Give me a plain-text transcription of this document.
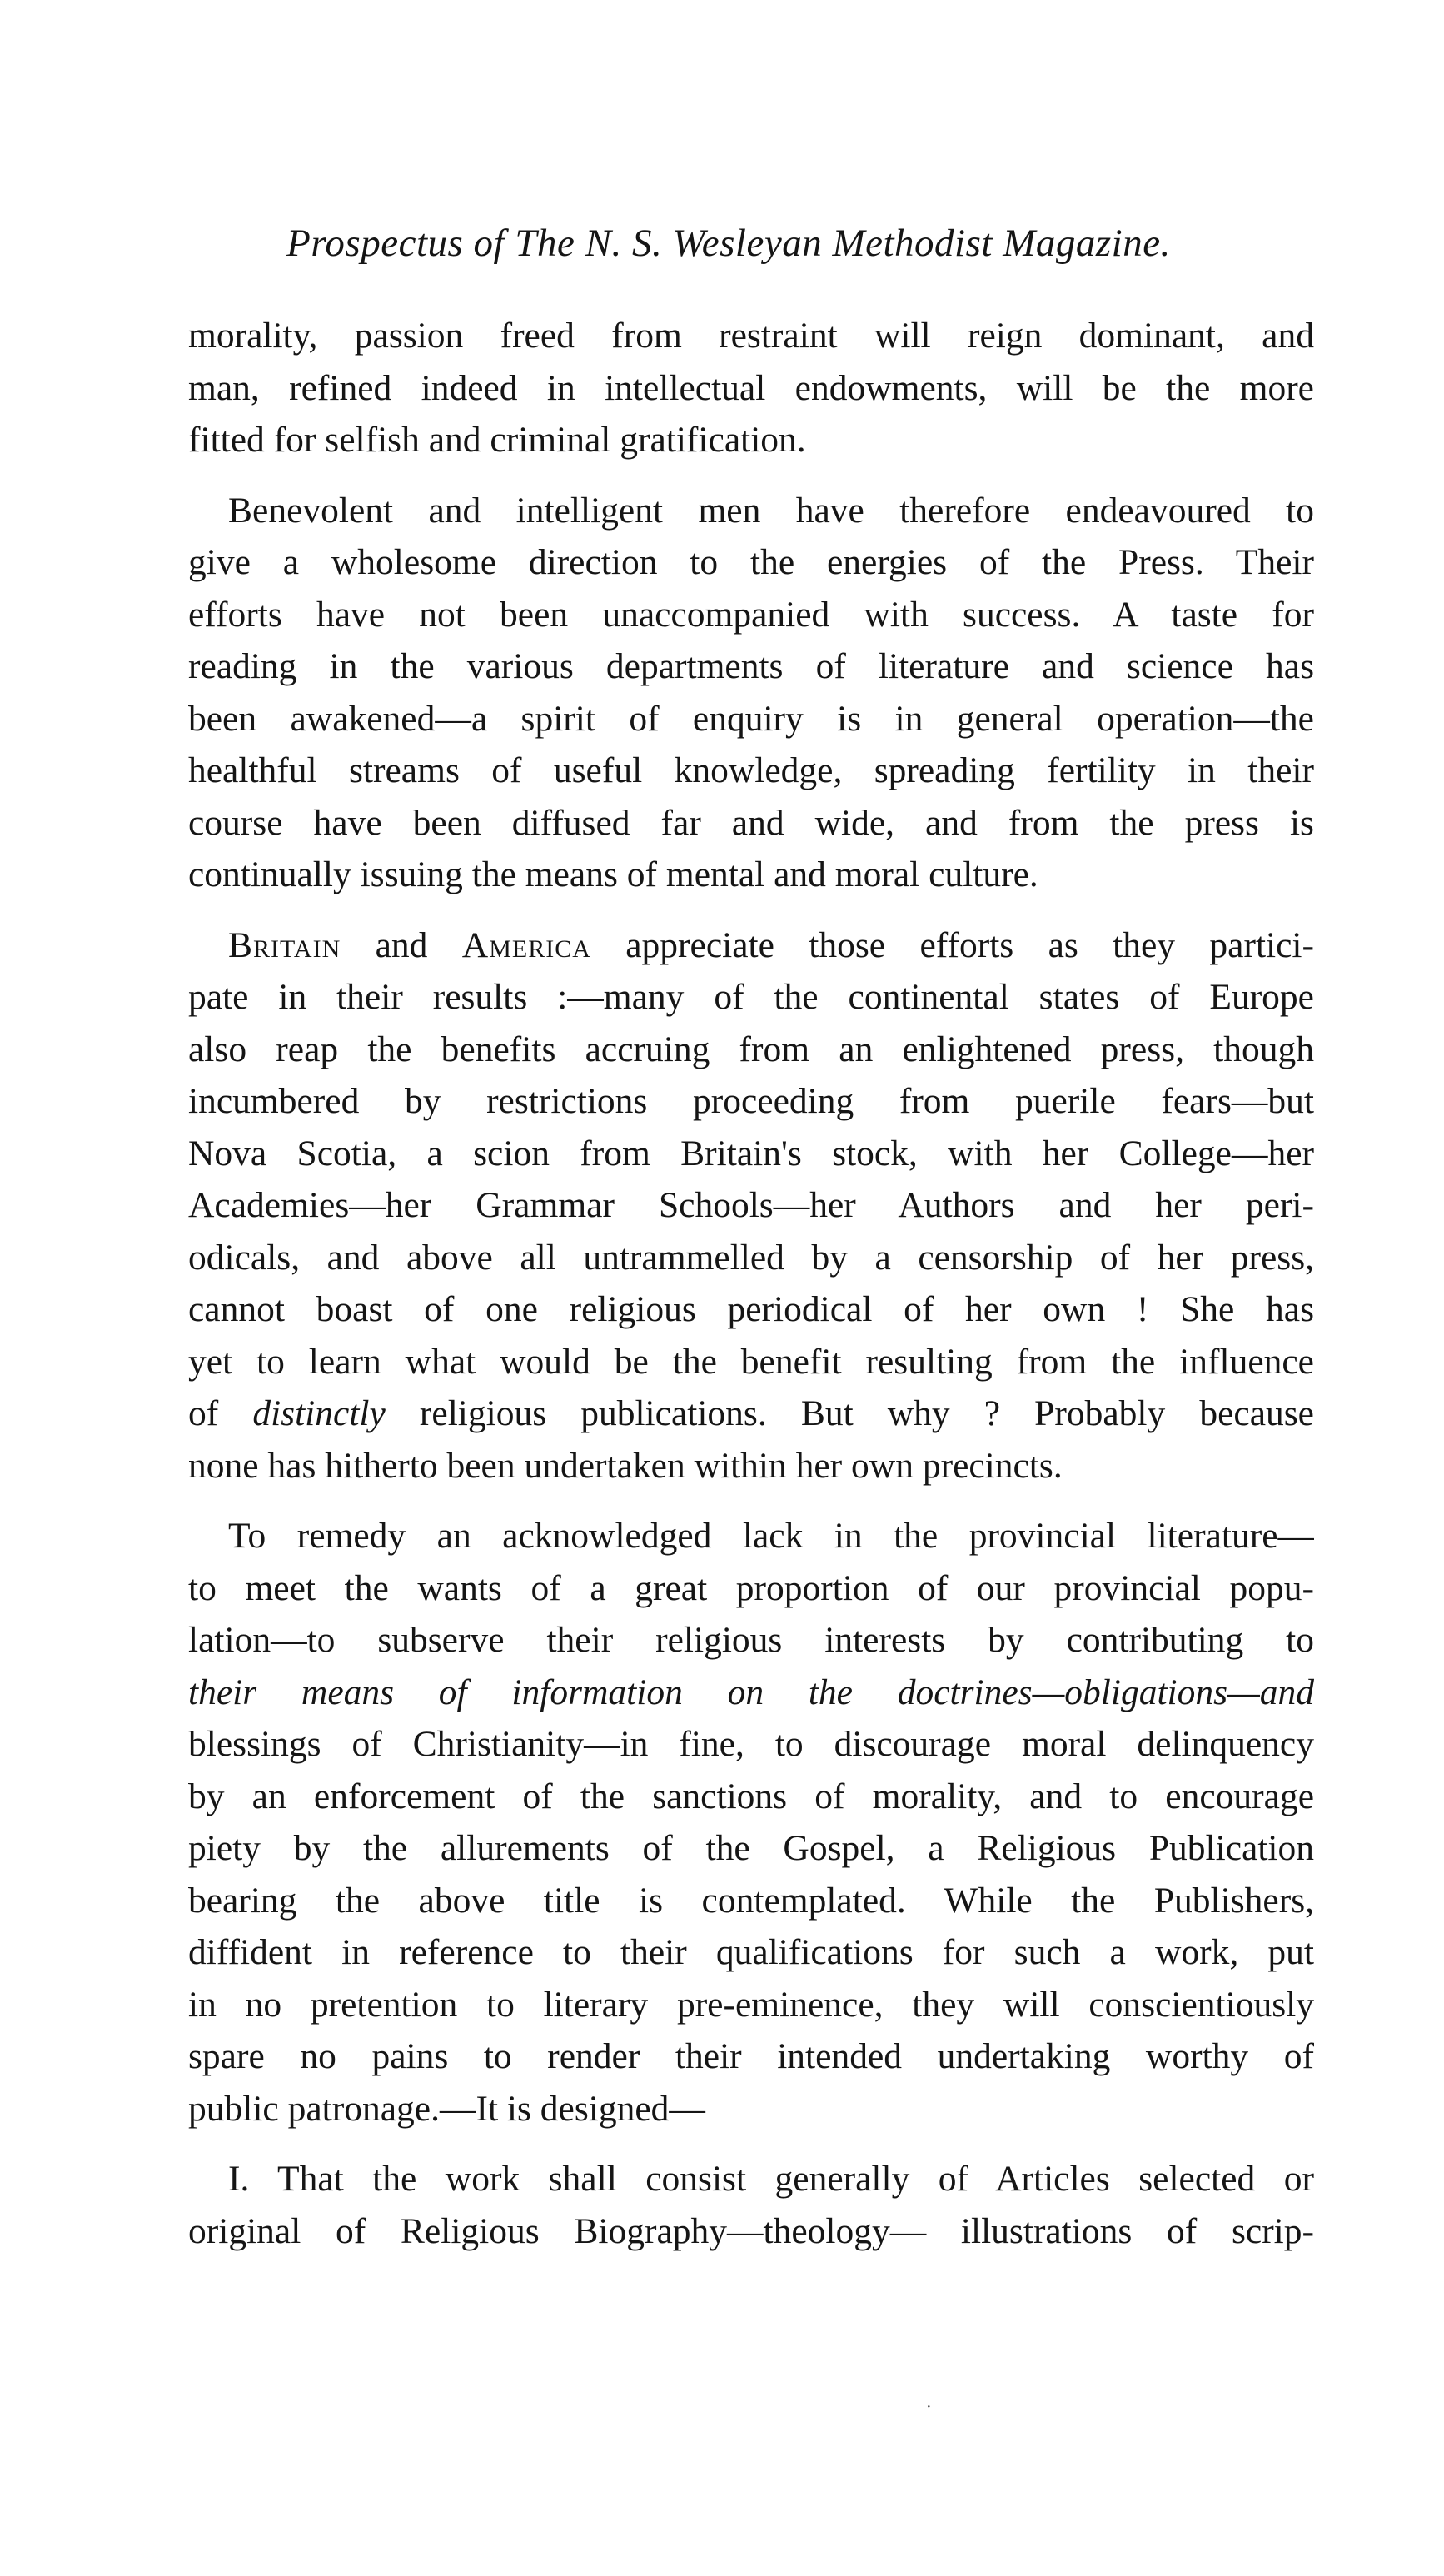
Prospectus of The N. S. Wesleyan Methodist Magazine.

morality, passion freed from restraint will reign dominant, and
man, refined indeed in intellectual endowments, will be the more
fitted for selfish and criminal gratification.

Benevolent and intelligent men have therefore endeavoured to
give a wholesome direction to the energies of the Press. Their
efforts have not been unaccompanied with success. A taste for
reading in the various departments of literature and science has
been awakened—a spirit of enquiry is in general operation—the
healthful streams of useful knowledge, spreading fertility in their
course have been diffused far and wide, and from the press is
continually issuing the means of mental and moral culture.

Britain and America appreciate those efforts as they partici-
pate in their results :—many of the continental states of Europe
also reap the benefits accruing from an enlightened press, though
incumbered by restrictions proceeding from puerile fears—but
Nova Scotia, a scion from Britain's stock, with her College—her
Academies—her Grammar Schools—her Authors and her peri-
odicals, and above all untrammelled by a censorship of her press,
cannot boast of one religious periodical of her own ! She has
yet to learn what would be the benefit resulting from the influence
of distinctly religious publications. But why ? Probably because
none has hitherto been undertaken within her own precincts.

To remedy an acknowledged lack in the provincial literature—
to meet the wants of a great proportion of our provincial popu-
lation—to subserve their religious interests by contributing to
their means of information on the doctrines—obligations—and
blessings of Christianity—in fine, to discourage moral delinquency
by an enforcement of the sanctions of morality, and to encourage
piety by the allurements of the Gospel, a Religious Publication
bearing the above title is contemplated. While the Publishers,
diffident in reference to their qualifications for such a work, put
in no pretention to literary pre-eminence, they will conscientiously
spare no pains to render their intended undertaking worthy of
public patronage.—It is designed—

I. That the work shall consist generally of Articles selected or
original of Religious Biography—theology— illustrations of scrip-

·
